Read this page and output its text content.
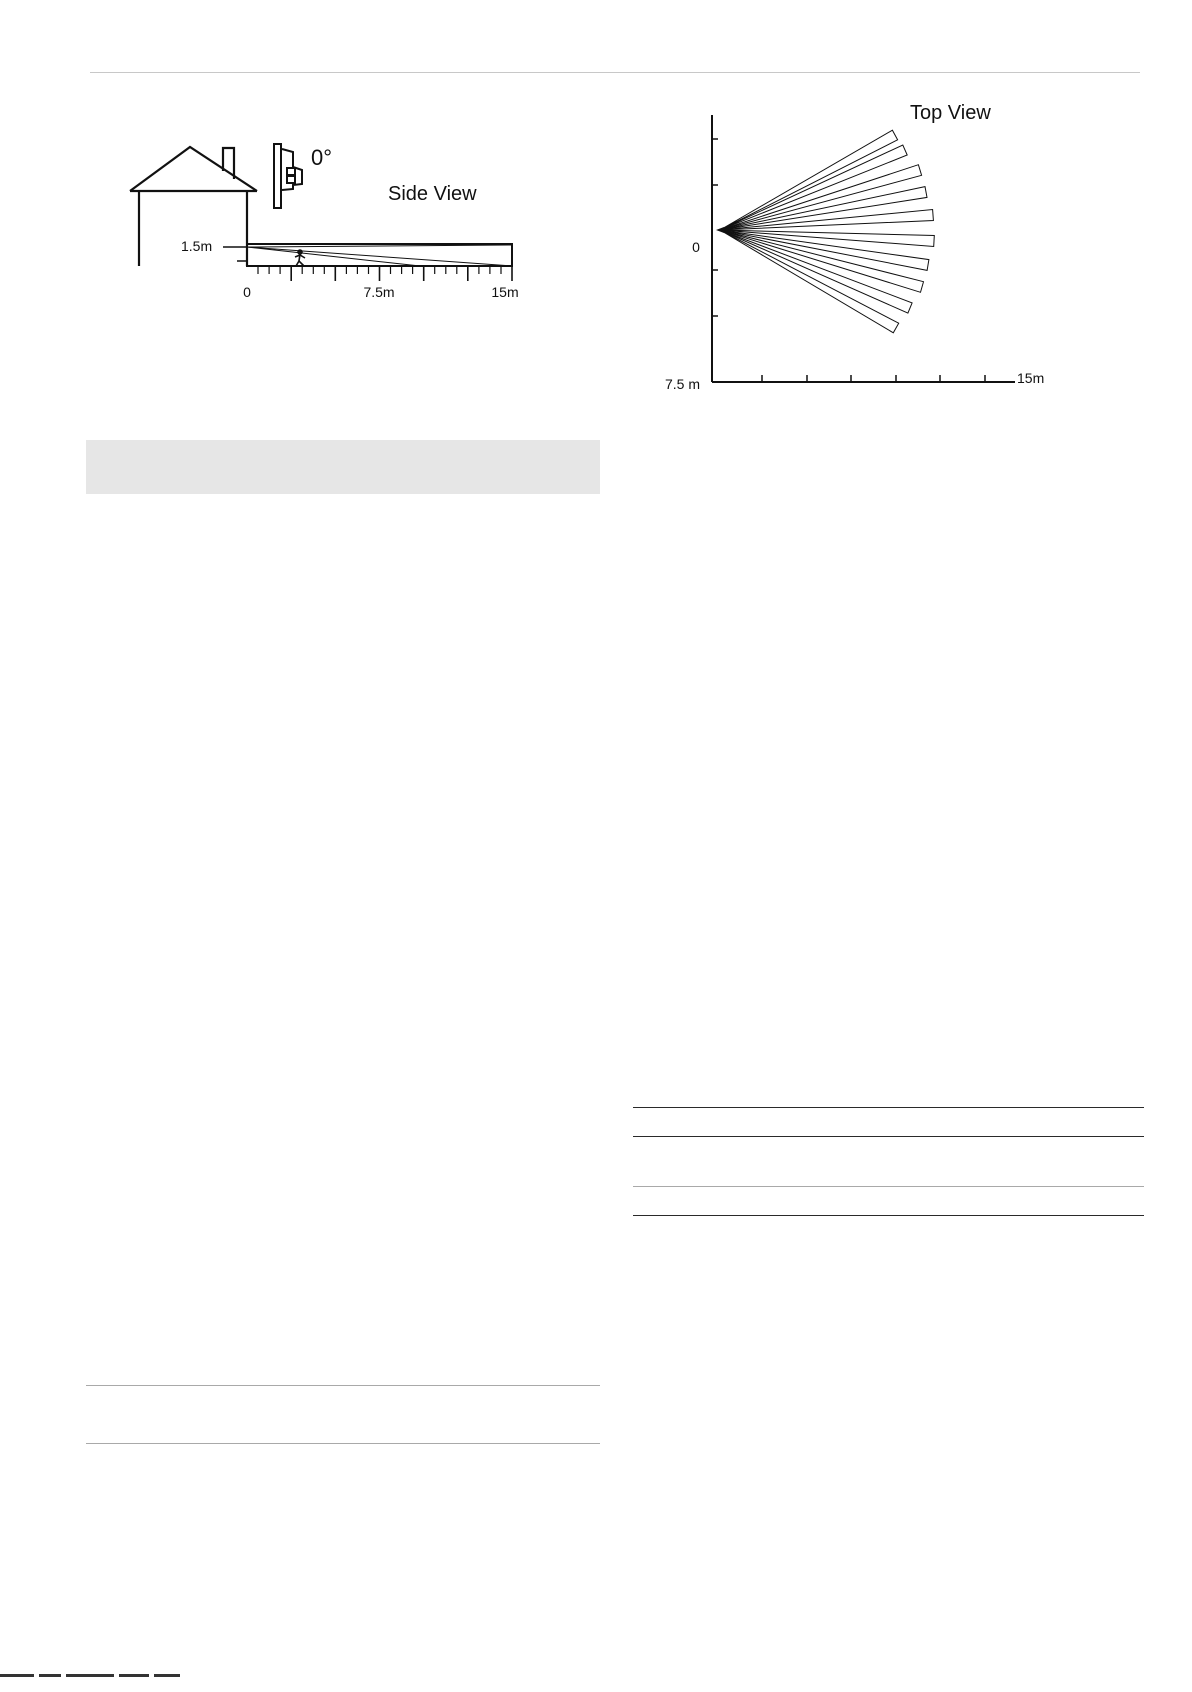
0°
Side View
1.5m
0	7.5m	15m
Top View
0
7.5 m	15m
